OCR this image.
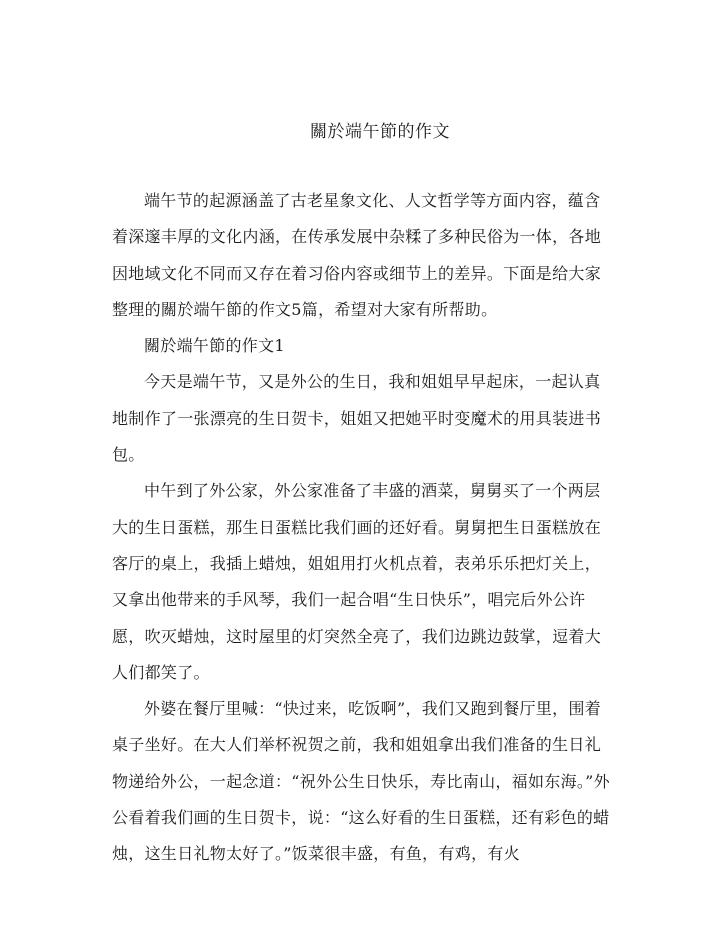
關於端午節的作文

端午节的起源涵盖了古老星象文化、人文哲学等方面内容，蕴含着深邃丰厚的文化内涵，在传承发展中杂糅了多种民俗为一体，各地因地域文化不同而又存在着习俗内容或细节上的差异。下面是给大家整理的關於端午節的作文5篇，希望对大家有所帮助。

關於端午節的作文1

今天是端午节，又是外公的生日，我和姐姐早早起床，一起认真地制作了一张漂亮的生日贺卡，姐姐又把她平时变魔术的用具装进书包。

中午到了外公家，外公家准备了丰盛的酒菜，舅舅买了一个两层大的生日蛋糕，那生日蛋糕比我们画的还好看。舅舅把生日蛋糕放在客厅的桌上，我插上蜡烛，姐姐用打火机点着，表弟乐乐把灯关上，又拿出他带来的手风琴，我们一起合唱“生日快乐”，唱完后外公许愿，吹灭蜡烛，这时屋里的灯突然全亮了，我们边跳边鼓掌，逗着大人们都笑了。

外婆在餐厅里喊：“快过来，吃饭啊”，我们又跑到餐厅里，围着桌子坐好。在大人们举杯祝贺之前，我和姐姐拿出我们准备的生日礼物递给外公，一起念道：“祝外公生日快乐，寿比南山，福如东海。”外公看着我们画的生日贺卡，说：“这么好看的生日蛋糕，还有彩色的蜡烛，这生日礼物太好了。”饭菜很丰盛，有鱼，有鸡，有火
